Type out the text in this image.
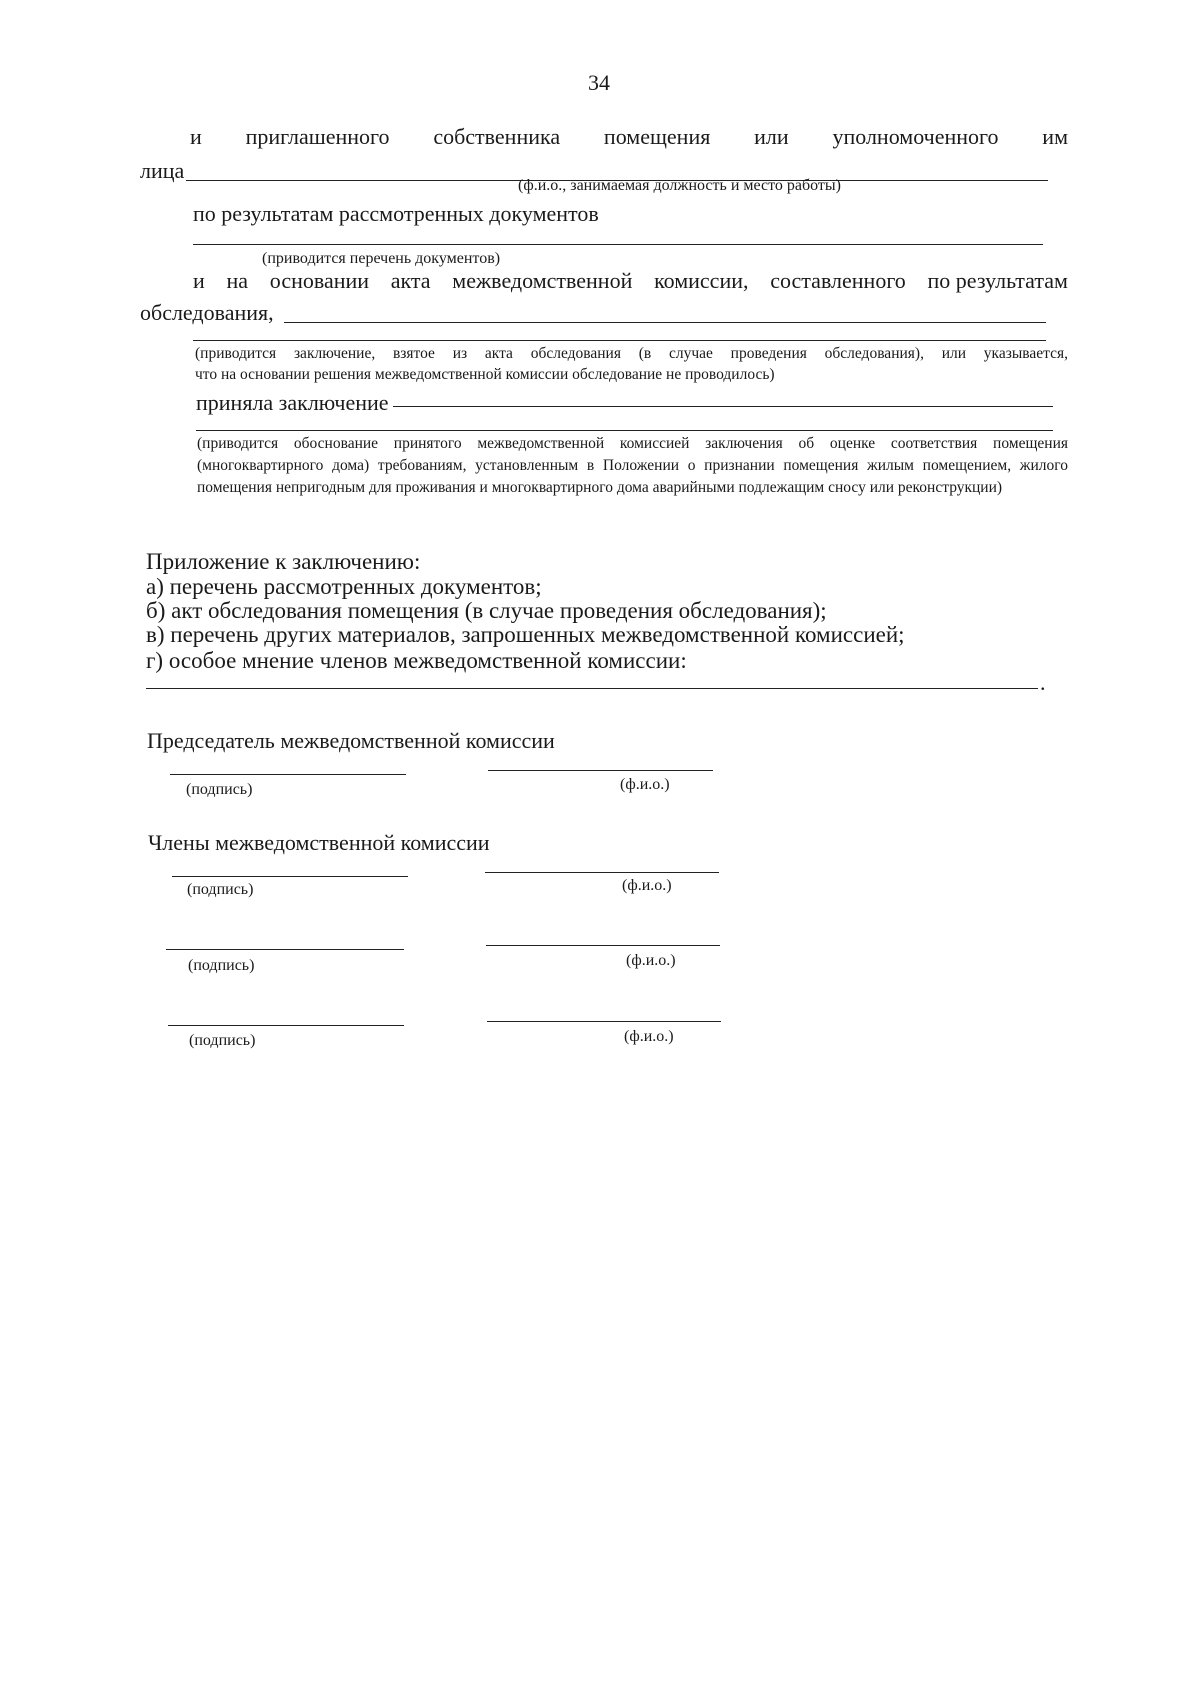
34
и приглашенного собственника помещения или уполномоченного им
лица
(ф.и.о., занимаемая должность и место работы)
по результатам рассмотренных документов
(приводится перечень документов)
и на основании акта межведомственной комиссии, составленного по результатам
обследования,
(приводится заключение, взятое из акта обследования (в случае проведения обследования), или указывается,
что на основании решения межведомственной комиссии обследование не проводилось)
приняла заключение
(приводится обоснование принятого межведомственной комиссией заключения об оценке соответствия помещения (многоквартирного дома) требованиям, установленным в Положении о признании помещения жилым помещением, жилого помещения непригодным для проживания и многоквартирного дома аварийными подлежащим сносу или реконструкции)
Приложение к заключению:
а) перечень рассмотренных документов;
б) акт обследования помещения (в случае проведения обследования);
в) перечень других материалов, запрошенных межведомственной комиссией;
г) особое мнение членов межведомственной комиссии:
.
Председатель межведомственной комиссии
(подпись)	(ф.и.о.)
Члены межведомственной комиссии
(подпись)	(ф.и.о.)
(подпись)	(ф.и.о.)
(подпись)	(ф.и.о.)
